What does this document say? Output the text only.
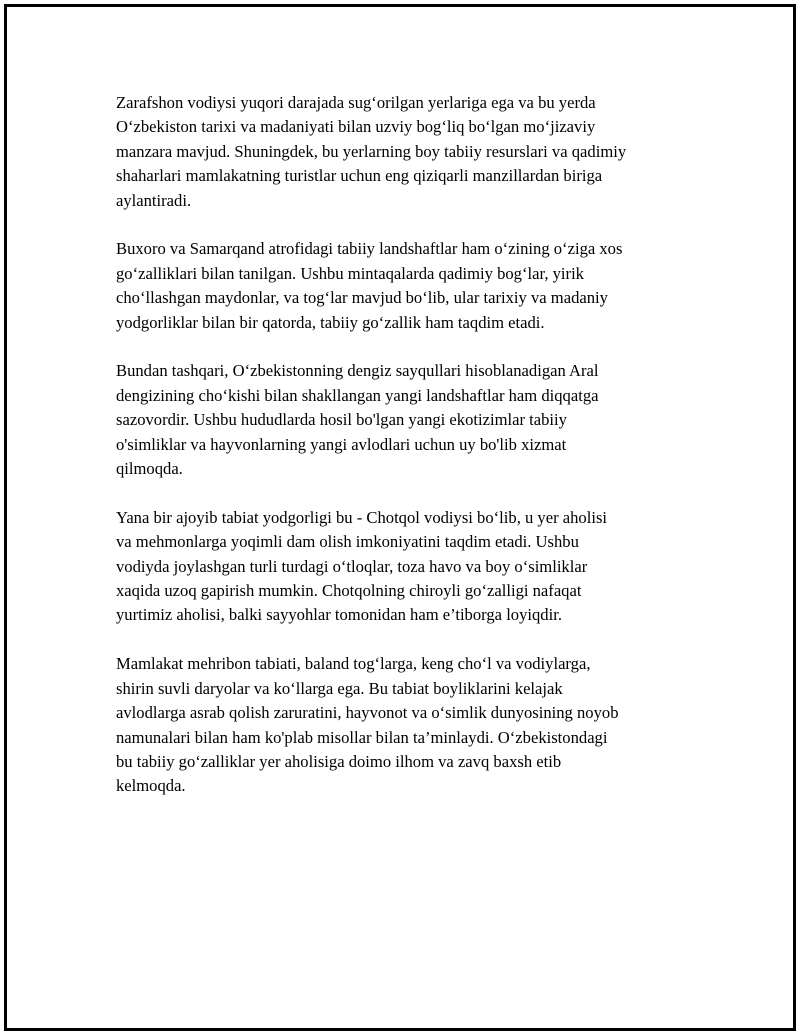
Zarafshon vodiysi yuqori darajada sug‘orilgan yerlariga ega va bu yerda
O‘zbekiston tarixi va madaniyati bilan uzviy bog‘liq bo‘lgan mo‘jizaviy
manzara mavjud. Shuningdek, bu yerlarning boy tabiiy resurslari va qadimiy
shaharlari mamlakatning turistlar uchun eng qiziqarli manzillardan biriga
aylantiradi.

Buxoro va Samarqand atrofidagi tabiiy landshaftlar ham o‘zining o‘ziga xos
go‘zalliklari bilan tanilgan. Ushbu mintaqalarda qadimiy bog‘lar, yirik
cho‘llashgan maydonlar, va tog‘lar mavjud bo‘lib, ular tarixiy va madaniy
yodgorliklar bilan bir qatorda, tabiiy go‘zallik ham taqdim etadi.

Bundan tashqari, O‘zbekistonning dengiz sayqullari hisoblanadigan Aral
dengizining cho‘kishi bilan shakllangan yangi landshaftlar ham diqqatga
sazovordir. Ushbu hududlarda hosil bo'lgan yangi ekotizimlar tabiiy
o'simliklar va hayvonlarning yangi avlodlari uchun uy bo'lib xizmat
qilmoqda.

Yana bir ajoyib tabiat yodgorligi bu - Chotqol vodiysi bo‘lib, u yer aholisi
va mehmonlarga yoqimli dam olish imkoniyatini taqdim etadi. Ushbu
vodiyda joylashgan turli turdagi o‘tloqlar, toza havo va boy o‘simliklar
xaqida uzoq gapirish mumkin. Chotqolning chiroyli go‘zalligi nafaqat
yurtimiz aholisi, balki sayyohlar tomonidan ham e’tiborga loyiqdir.

Mamlakat mehribon tabiati, baland tog‘larga, keng cho‘l va vodiylarga,
shirin suvli daryolar va ko‘llarga ega. Bu tabiat boyliklarini kelajak
avlodlarga asrab qolish zaruratini, hayvonot va o‘simlik dunyosining noyob
namunalari bilan ham ko'plab misollar bilan ta’minlaydi. O‘zbekistondagi
bu tabiiy go‘zalliklar yer aholisiga doimo ilhom va zavq baxsh etib
kelmoqda.
